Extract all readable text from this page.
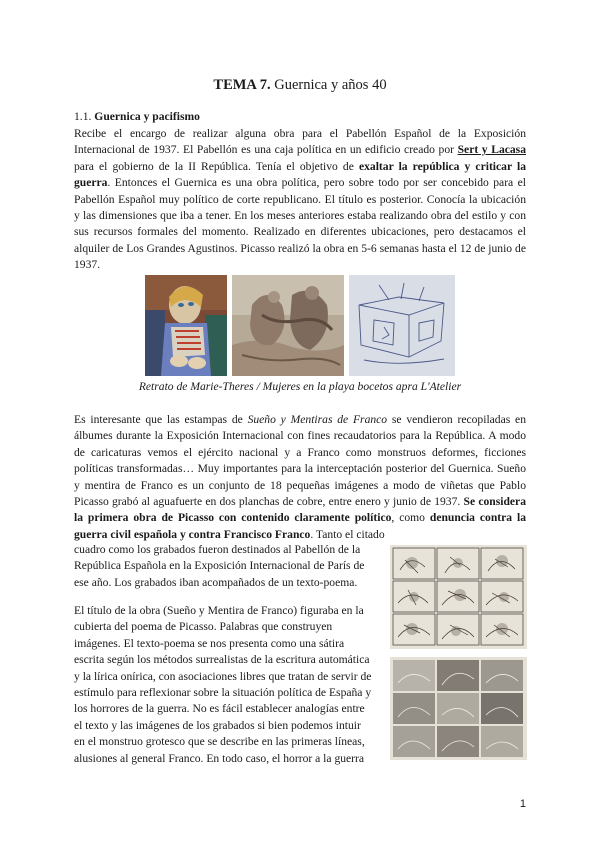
TEMA 7. Guernica y años 40
1.1. Guernica y pacifismo
Recibe el encargo de realizar alguna obra para el Pabellón Español de la Exposición Internacional de 1937. El Pabellón es una caja política en un edificio creado por Sert y Lacasa para el gobierno de la II República. Tenía el objetivo de exaltar la república y criticar la guerra. Entonces el Guernica es una obra política, pero sobre todo por ser concebido para el Pabellón Español muy político de corte republicano. El título es posterior. Conocía la ubicación y las dimensiones que iba a tener. En los meses anteriores estaba realizando obra del estilo y con sus recursos formales del momento. Realizado en diferentes ubicaciones, pero destacamos el alquiler de Los Grandes Agustinos. Picasso realizó la obra en 5-6 semanas hasta el 12 de junio de 1937.
Retrato de Marie-Theres / Mujeres en la playa bocetos apra L'Atelier
Es interesante que las estampas de Sueño y Mentiras de Franco se vendieron recopiladas en álbumes durante la Exposición Internacional con fines recaudatorios para la República. A modo de caricaturas vemos el ejército nacional y a Franco como monstruos deformes, ficciones políticas transformadas… Muy importantes para la interceptación posterior del Guernica. Sueño y mentira de Franco es un conjunto de 18 pequeñas imágenes a modo de viñetas que Pablo Picasso grabó al aguafuerte en dos planchas de cobre, entre enero y junio de 1937. Se considera la primera obra de Picasso con contenido claramente político, como denuncia contra la guerra civil española y contra Francisco Franco. Tanto el citado
cuadro como los grabados fueron destinados al Pabellón de la
República Española en la Exposición Internacional de París de
ese año. Los grabados iban acompañados de un texto-poema.
El título de la obra (Sueño y Mentira de Franco) figuraba en la
cubierta del poema de Picasso. Palabras que construyen
imágenes. El texto-poema se nos presenta como una sátira
escrita según los métodos surrealistas de la escritura automática
y la lírica onírica, con asociaciones libres que tratan de servir de
estímulo para reflexionar sobre la situación política de España y
los horrores de la guerra. No es fácil establecer analogías entre
el texto y las imágenes de los grabados si bien podemos intuir
en el monstruo grotesco que se describe en las primeras líneas,
alusiones al general Franco. En todo caso, el horror a la guerra
1
